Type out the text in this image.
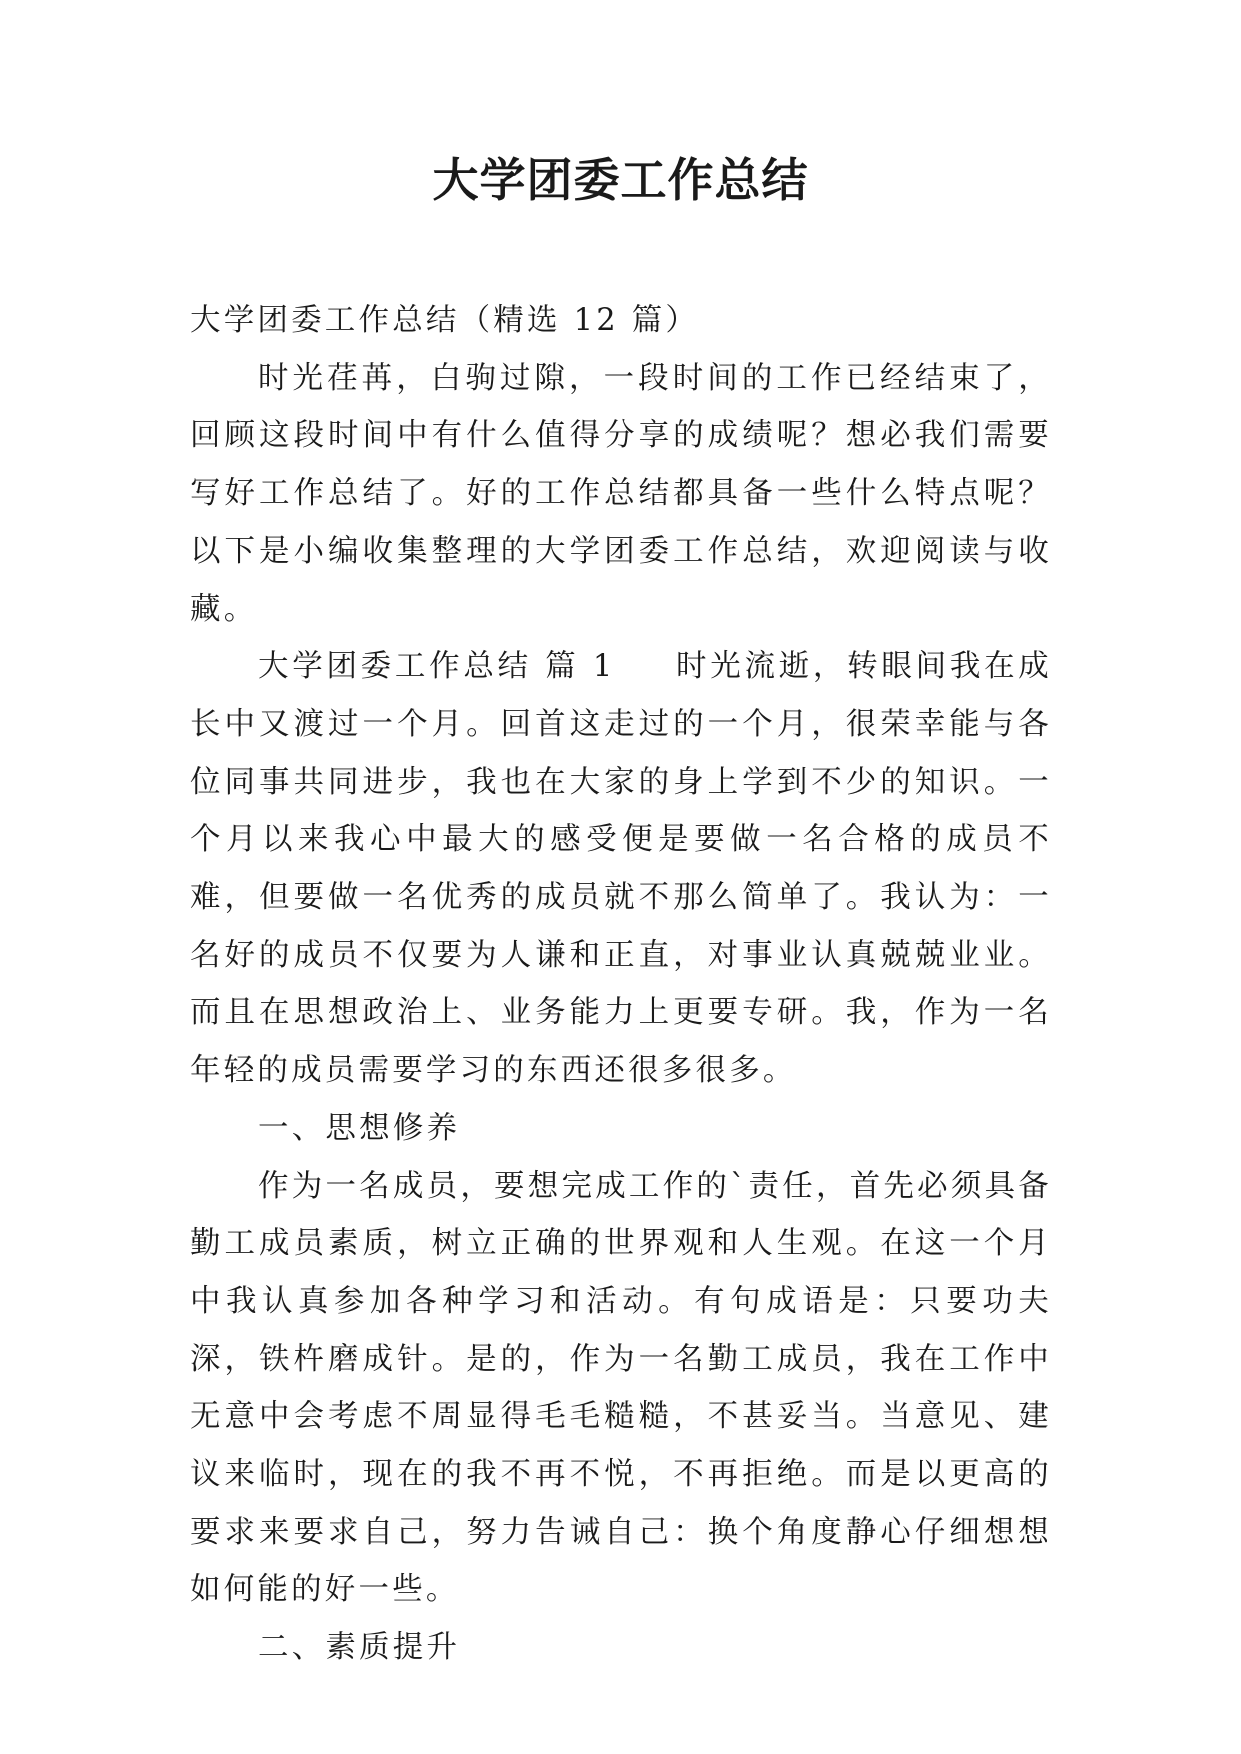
大学团委工作总结

大学团委工作总结（精选 12 篇）

时光荏苒，白驹过隙，一段时间的工作已经结束了，回顾这段时间中有什么值得分享的成绩呢？想必我们需要写好工作总结了。好的工作总结都具备一些什么特点呢？以下是小编收集整理的大学团委工作总结，欢迎阅读与收藏。

大学团委工作总结 篇 1 时光流逝，转眼间我在成长中又渡过一个月。回首这走过的一个月，很荣幸能与各位同事共同进步，我也在大家的身上学到不少的知识。一个月以来我心中最大的感受便是要做一名合格的成员不难，但要做一名优秀的成员就不那么简单了。我认为：一名好的成员不仅要为人谦和正直，对事业认真兢兢业业。而且在思想政治上、业务能力上更要专研。我，作为一名年轻的成员需要学习的东西还很多很多。

一、思想修养

作为一名成员，要想完成工作的`责任，首先必须具备勤工成员素质，树立正确的世界观和人生观。在这一个月中我认真参加各种学习和活动。有句成语是：只要功夫深，铁杵磨成针。是的，作为一名勤工成员，我在工作中无意中会考虑不周显得毛毛糙糙，不甚妥当。当意见、建议来临时，现在的我不再不悦，不再拒绝。而是以更高的要求来要求自己，努力告诫自己：换个角度静心仔细想想如何能的好一些。

二、素质提升
